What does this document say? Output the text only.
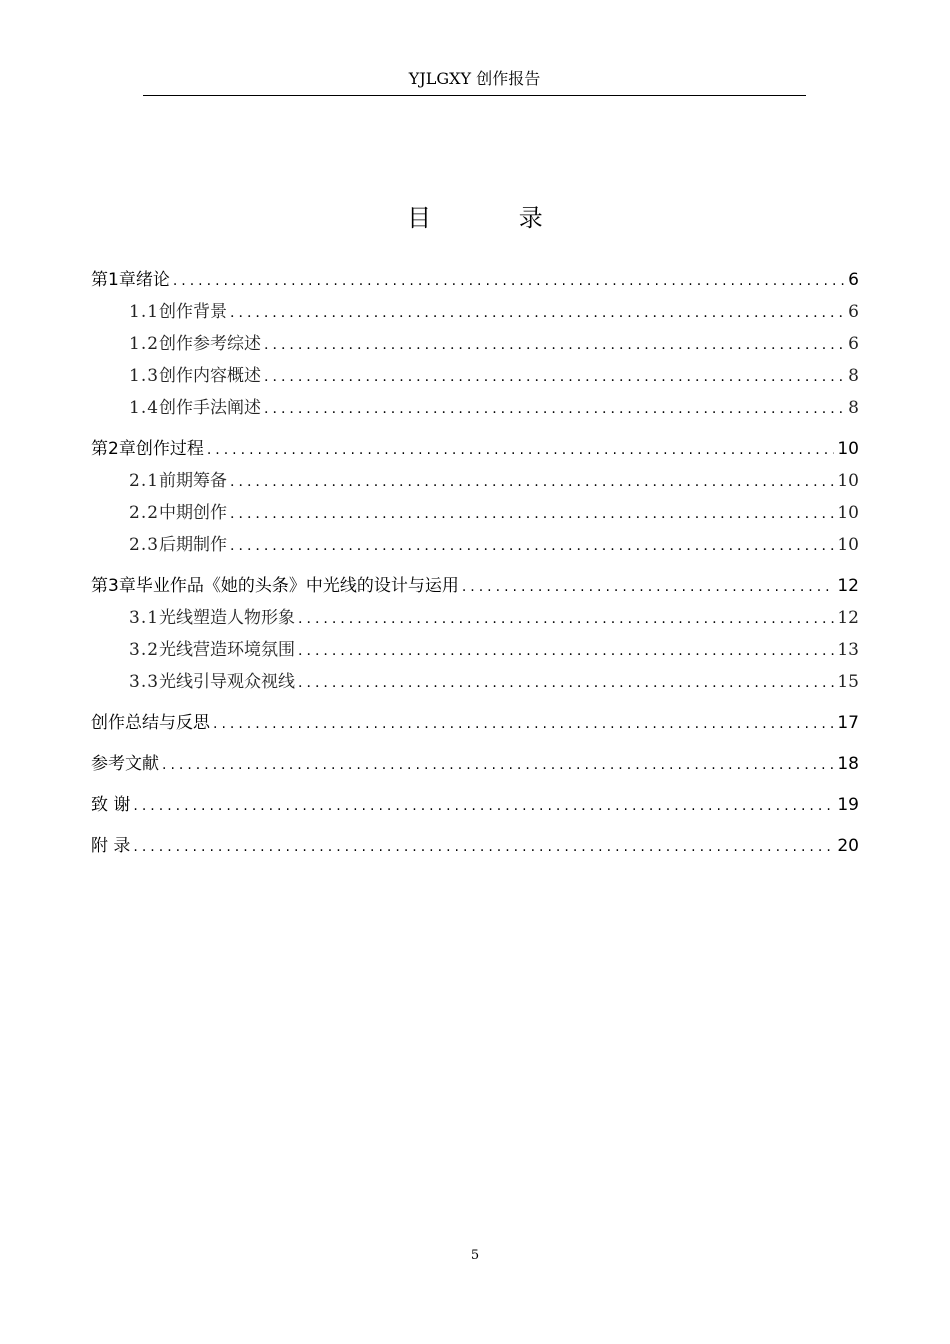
YJLGXY 创作报告
目 录
第1章 绪论 .....	6
1.1 创作背景 .....	6
1.2 创作参考综述 .....	6
1.3 创作内容概述 .....	8
1.4 创作手法阐述 .....	8
第2章 创作过程 .....	10
2.1 前期筹备 .....	10
2.2 中期创作 .....	10
2.3 后期制作 .....	10
第3章 毕业作品《她的头条》中光线的设计与运用 .....	12
3.1 光线塑造人物形象 .....	12
3.2 光线营造环境氛围 .....	13
3.3 光线引导观众视线 .....	15
创作总结与反思 .....	17
参考文献 .....	18
致 谢 .....	19
附 录 .....	20
5
